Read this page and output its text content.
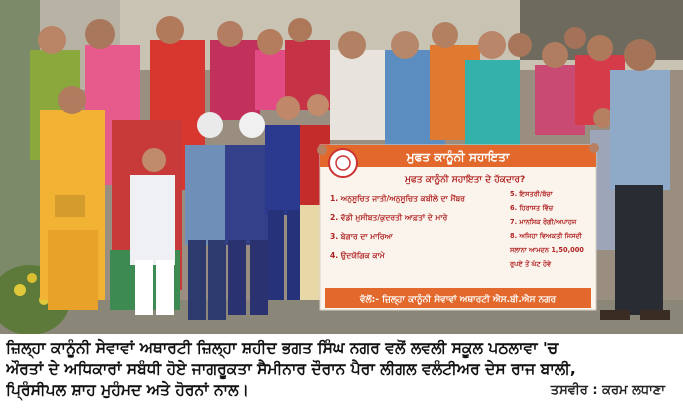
ਮੁਫਤ ਕਾਨੂੰਨੀ ਸਹਾਇਤਾ
ਮੁਫਤ ਕਾਨੂੰਨੀ ਸਹਾਇਤਾ ਦੇ ਹੱਕਦਾਰ?
1. ਅਨੁਸੂਚਿਤ ਜਾਤੀ/ਅਨੁਸੂਚਿਤ ਕਬੀਲੇ ਦਾ ਮੈਂਬਰ
2. ਵੱਡੀ ਮੁਸੀਬਤ/ਕੁਦਰਤੀ ਆਫ਼ਤਾਂ ਦੇ ਮਾਰੇ
3. ਬੇਗਾਰ ਦਾ ਮਾਰਿਆ
4. ਉਦਯੋਗਿਕ ਕਾਮੇ
5. ਇਸਤਰੀ/ਬੱਚਾ
6. ਹਿਰਾਸਤ ਵਿੱਚ
7. ਮਾਨਸਿਕ ਰੋਗੀ/ਅਪਾਹਜ
8. ਅਜਿਹਾ ਵਿਅਕਤੀ ਜਿਸਦੀ
ਸਲਾਨਾ ਆਮਦਨ 1,50,000
ਰੁਪਏ ਤੋਂ ਘੱਟ ਹੋਵੇ
ਵੱਲੋਂ:- ਜ਼ਿਲ੍ਹਾ ਕਾਨੂੰਨੀ ਸੇਵਾਵਾਂ ਅਥਾਰਟੀ ਐਸ.ਬੀ.ਐਸ ਨਗਰ
ਜ਼ਿਲ੍ਹਾ ਕਾਨੂੰਨੀ ਸੇਵਾਵਾਂ ਅਥਾਰਟੀ ਜ਼ਿਲ੍ਹਾ ਸ਼ਹੀਦ ਭਗਤ ਸਿੰਘ ਨਗਰ ਵਲੋਂ ਲਵਲੀ ਸਕੂਲ ਪਠਲਾਵਾ 'ਚ
ਔਰਤਾਂ ਦੇ ਅਧਿਕਾਰਾਂ ਸਬੰਧੀ ਹੋਏ ਜਾਗਰੂਕਤਾ ਸੈਮੀਨਾਰ ਦੌਰਾਨ ਪੈਰਾ ਲੀਗਲ ਵਲੰਟੀਅਰ ਦੇਸ ਰਾਜ ਬਾਲੀ,
ਪ੍ਰਿੰਸੀਪਲ ਸ਼ਾਹ ਮੁਹੰਮਦ ਅਤੇ ਹੋਰਨਾਂ ਨਾਲ।	ਤਸਵੀਰ : ਕਰਮ ਲਧਾਣਾ
